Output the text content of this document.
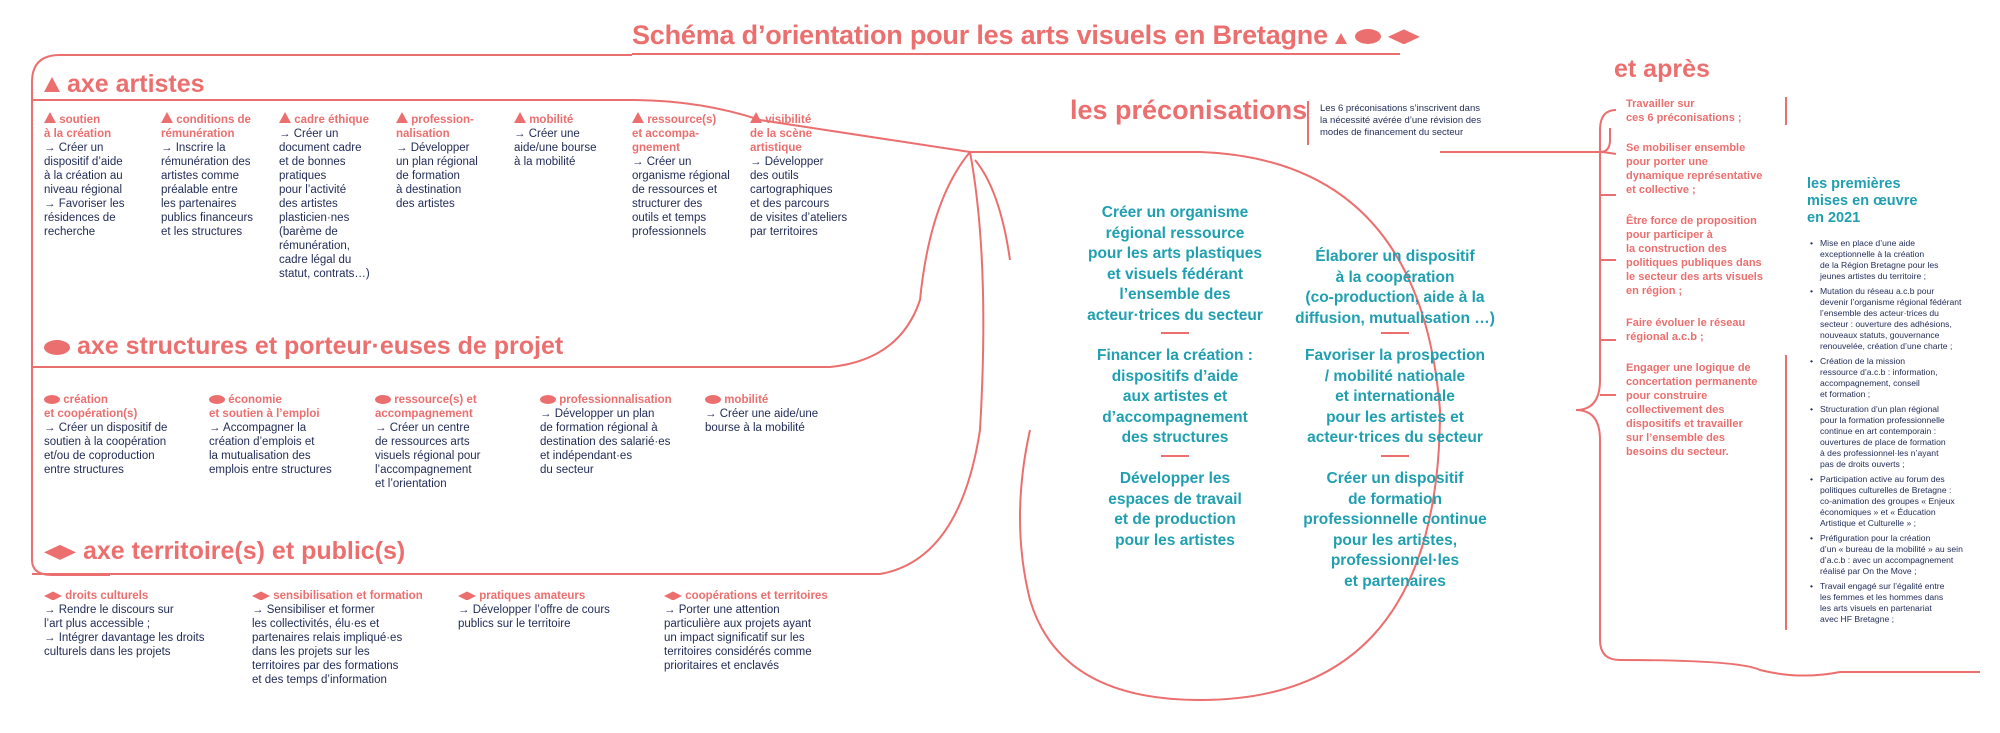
Schéma d’orientation pour les arts visuels en Bretagne
axe artistes
soutien
à la création
→ Créer un
dispositif d’aide
à la création au
niveau régional
→ Favoriser les
résidences de
recherche
conditions de
rémunération
→ Inscrire la
rémunération des
artistes comme
préalable entre
les partenaires
publics financeurs
et les structures
cadre éthique
→ Créer un
document cadre
et de bonnes
pratiques
pour l’activité
des artistes
plasticien·nes
(barème de
rémunération,
cadre légal du
statut, contrats…)
profession-
nalisation
→ Développer
un plan régional
de formation
à destination
des artistes
mobilité
→ Créer une
aide/une bourse
à la mobilité
ressource(s)
et accompa-
gnement
→ Créer un
organisme régional
de ressources et
structurer des
outils et temps
professionnels
visibilité
de la scène
artistique
→ Développer
des outils
cartographiques
et des parcours
de visites d’ateliers
par territoires
axe structures et porteur·euses de projet
création
et coopération(s)
→ Créer un dispositif de
soutien à la coopération
et/ou de coproduction
entre structures
économie
et soutien à l’emploi
→ Accompagner la
création d’emplois et
la mutualisation des
emplois entre structures
ressource(s) et
accompagnement
→ Créer un centre
de ressources arts
visuels régional pour
l’accompagnement
et l’orientation
professionnalisation
→ Développer un plan
de formation régional à
destination des salarié·es
et indépendant·es
du secteur
mobilité
→ Créer une aide/une
bourse à la mobilité
axe territoire(s) et public(s)
droits culturels
→ Rendre le discours sur
l’art plus accessible ;
→ Intégrer davantage les droits
culturels dans les projets
sensibilisation et formation
→ Sensibiliser et former
les collectivités, élu·es et
partenaires relais impliqué·es
dans les projets sur les
territoires par des formations
et des temps d’information
pratiques amateurs
→ Développer l’offre de cours
publics sur le territoire
coopérations et territoires
→ Porter une attention
particulière aux projets ayant
un impact significatif sur les
territoires considérés comme
prioritaires et enclavés
les préconisations Les 6 préconisations s’inscrivent dans
la nécessité avérée d’une révision des
modes de financement du secteur
Créer un organisme
régional ressource
pour les arts plastiques
et visuels fédérant
l’ensemble des
acteur·trices du secteur
Financer la création :
dispositifs d’aide
aux artistes et
d’accompagnement
des structures
Développer les
espaces de travail
et de production
pour les artistes
Élaborer un dispositif
à la coopération
(co-production, aide à la
diffusion, mutualisation …)
Favoriser la prospection
/ mobilité nationale
et internationale
pour les artistes et
acteur·trices du secteur
Créer un dispositif
de formation
professionnelle continue
pour les artistes,
professionnel·les
et partenaires
et après
Travailler sur
ces 6 préconisations ;
Se mobiliser ensemble
pour porter une
dynamique représentative
et collective ;
Être force de proposition
pour participer à
la construction des
politiques publiques dans
le secteur des arts visuels
en région ;
Faire évoluer le réseau
régional a.c.b ;
Engager une logique de
concertation permanente
pour construire
collectivement des
dispositifs et travailler
sur l’ensemble des
besoins du secteur.
les premières
mises en œuvre
en 2021
• Mise en place d’une aide
exceptionnelle à la création
de la Région Bretagne pour les
jeunes artistes du territoire ;
• Mutation du réseau a.c.b pour
devenir l’organisme régional fédérant
l’ensemble des acteur·trices du
secteur : ouverture des adhésions,
nouveaux statuts, gouvernance
renouvelée, création d’une charte ;
• Création de la mission
ressource d’a.c.b : information,
accompagnement, conseil
et formation ;
• Structuration d’un plan régional
pour la formation professionnelle
continue en art contemporain :
ouvertures de place de formation
à des professionnel·les n’ayant
pas de droits ouverts ;
• Participation active au forum des
politiques culturelles de Bretagne :
co-animation des groupes « Enjeux
économiques » et « Éducation
Artistique et Culturelle » ;
• Préfiguration pour la création
d’un « bureau de la mobilité » au sein
d’a.c.b : avec un accompagnement
réalisé par On the Move ;
• Travail engagé sur l’égalité entre
les femmes et les hommes dans
les arts visuels en partenariat
avec HF Bretagne ;
